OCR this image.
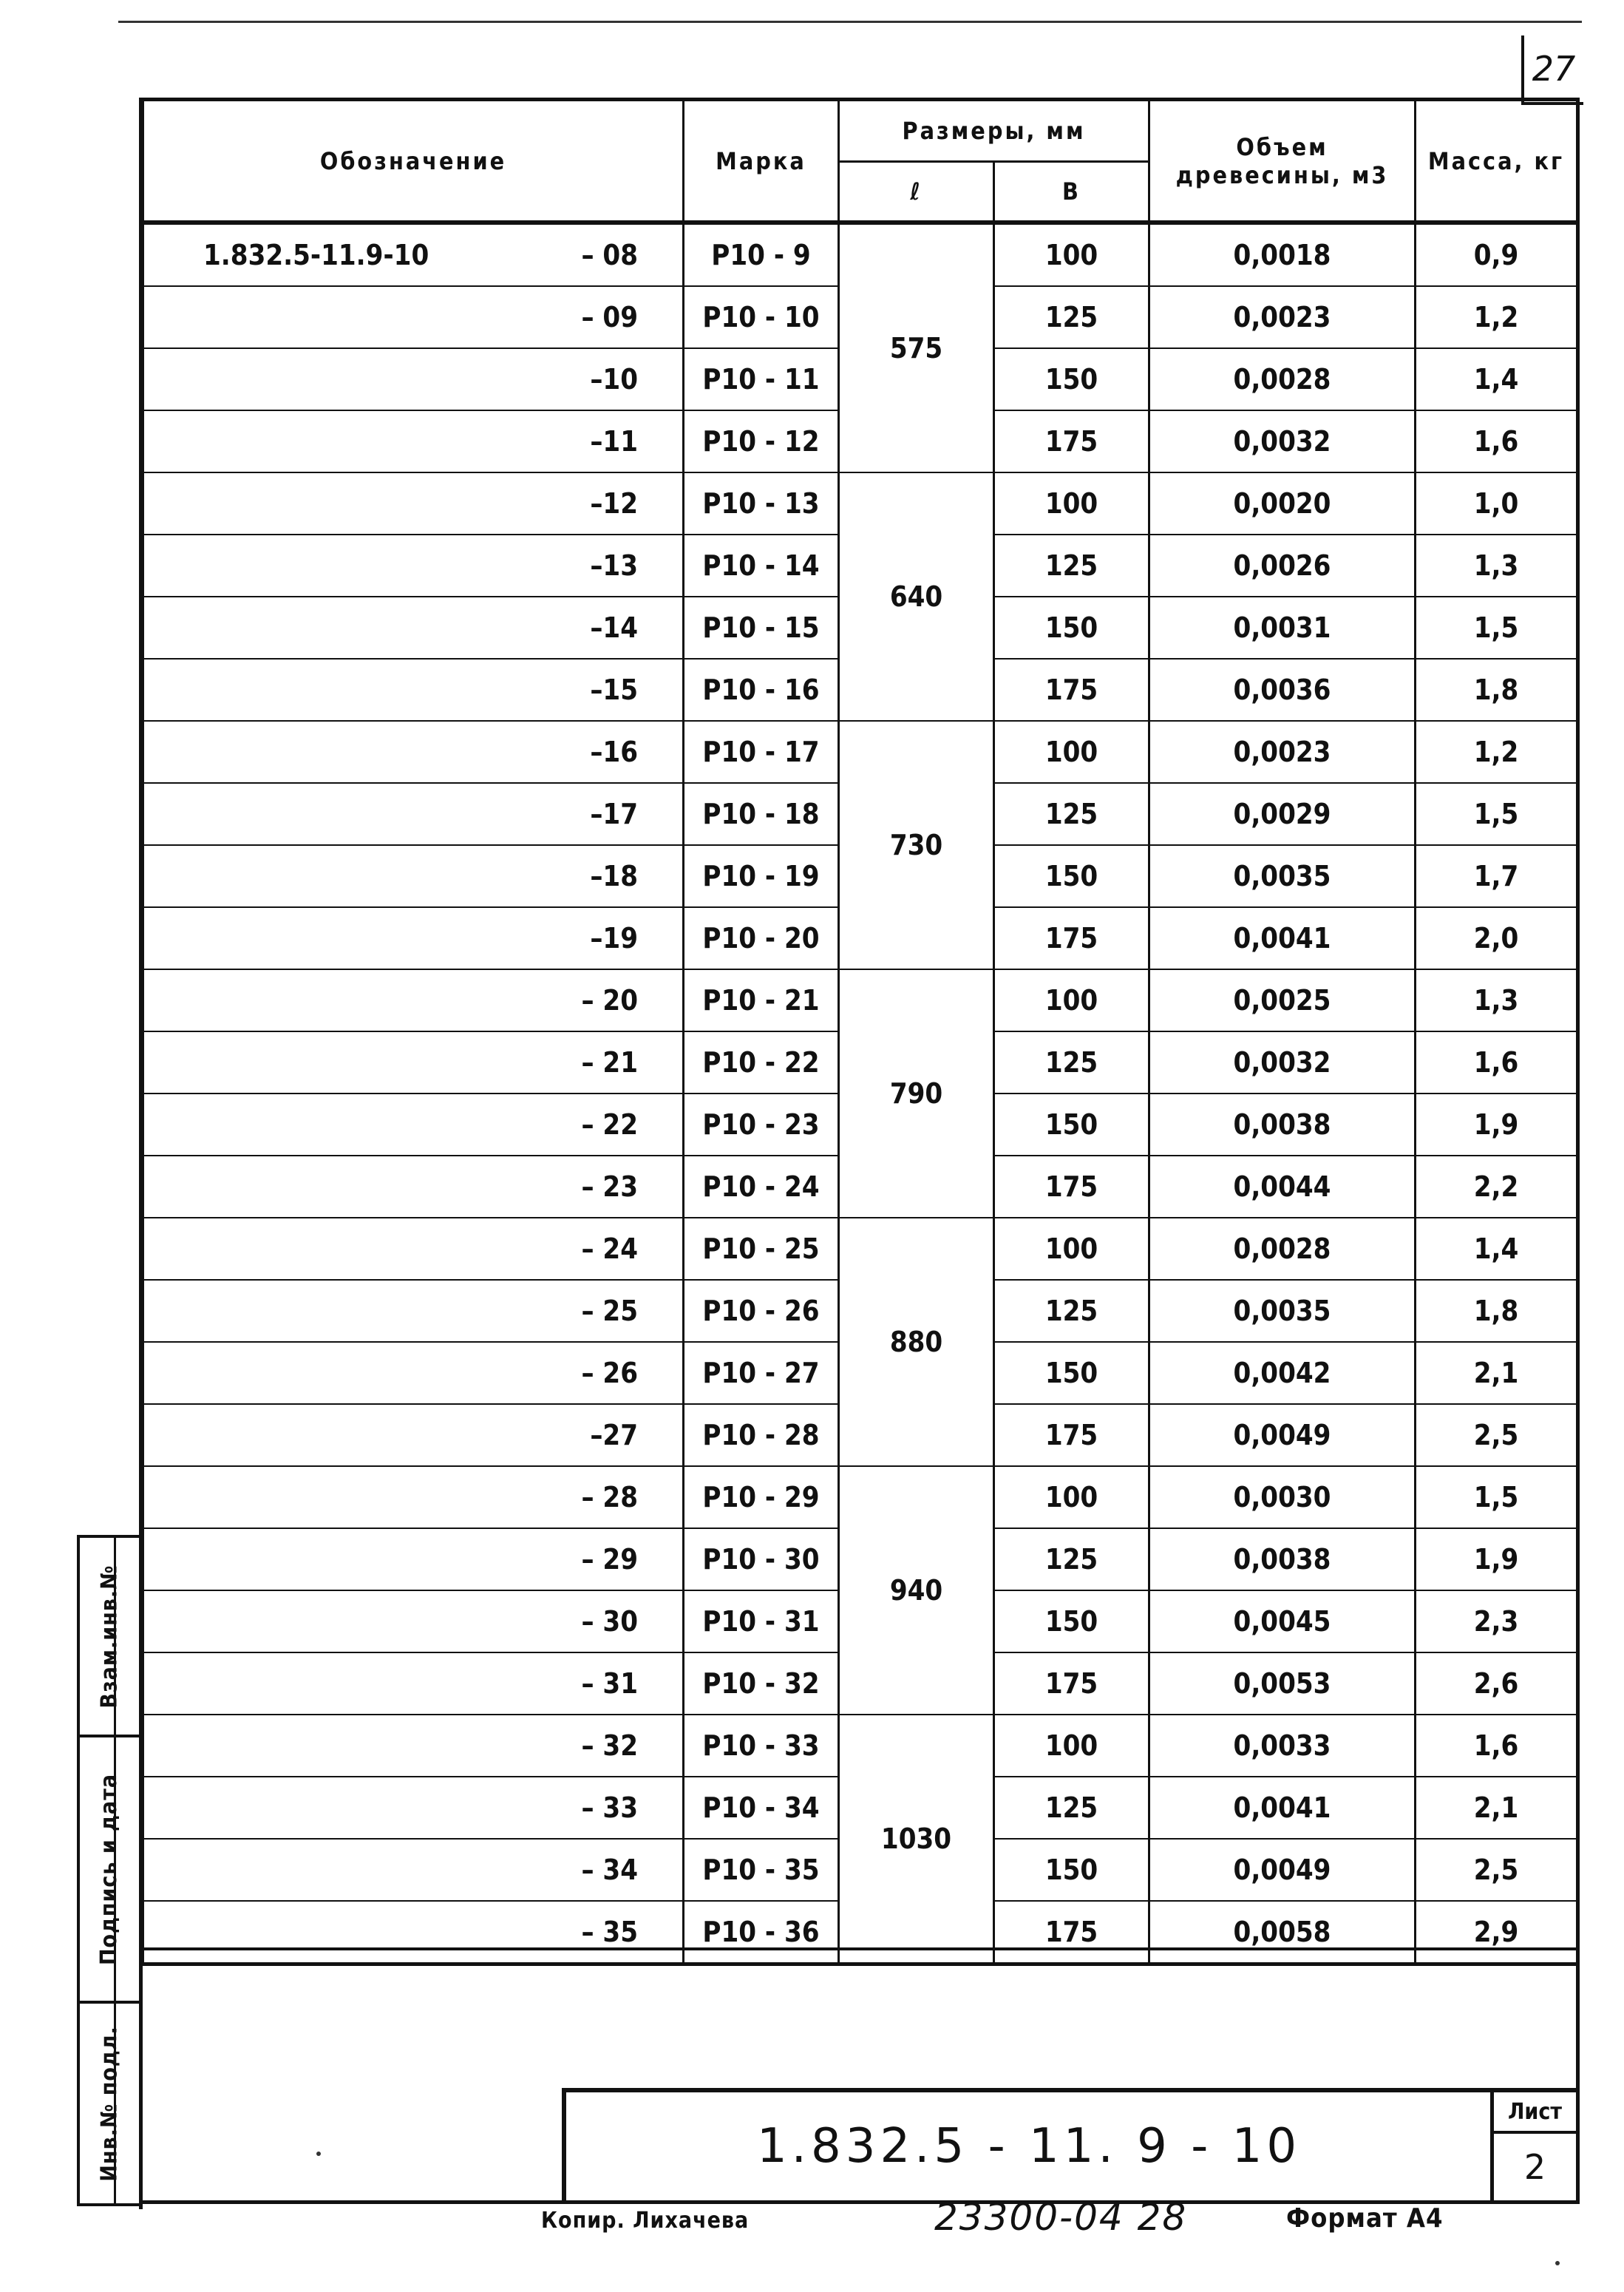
27
Обозначение	Марка	Размеры, мм		Объем древесины, м3	Масса, кг
		ℓ	В		

1.832.5-11.9-10 – 08	Р10 - 9	575	100	0,0018	0,9
– 09	Р10 - 10		125	0,0023	1,2
–10	Р10 - 11		150	0,0028	1,4
–11	Р10 - 12		175	0,0032	1,6
–12	Р10 - 13	640	100	0,0020	1,0
–13	Р10 - 14		125	0,0026	1,3
–14	Р10 - 15		150	0,0031	1,5
–15	Р10 - 16		175	0,0036	1,8
–16	Р10 - 17	730	100	0,0023	1,2
–17	Р10 - 18		125	0,0029	1,5
–18	Р10 - 19		150	0,0035	1,7
–19	Р10 - 20		175	0,0041	2,0
– 20	Р10 - 21	790	100	0,0025	1,3
– 21	Р10 - 22		125	0,0032	1,6
– 22	Р10 - 23		150	0,0038	1,9
– 23	Р10 - 24		175	0,0044	2,2
– 24	Р10 - 25	880	100	0,0028	1,4
– 25	Р10 - 26		125	0,0035	1,8
– 26	Р10 - 27		150	0,0042	2,1
–27	Р10 - 28		175	0,0049	2,5
– 28	Р10 - 29	940	100	0,0030	1,5
– 29	Р10 - 30		125	0,0038	1,9
– 30	Р10 - 31		150	0,0045	2,3
– 31	Р10 - 32		175	0,0053	2,6
– 32	Р10 - 33	1030	100	0,0033	1,6
– 33	Р10 - 34		125	0,0041	2,1
– 34	Р10 - 35		150	0,0049	2,5
– 35	Р10 - 36		175	0,0058	2,9
Взам.инв.№
Подпись и дата
Инв.№ подл.	1.832.5 - 11. 9 - 10
Лист
2
Копир. Лихачева	23300-04 28	Формат А4
